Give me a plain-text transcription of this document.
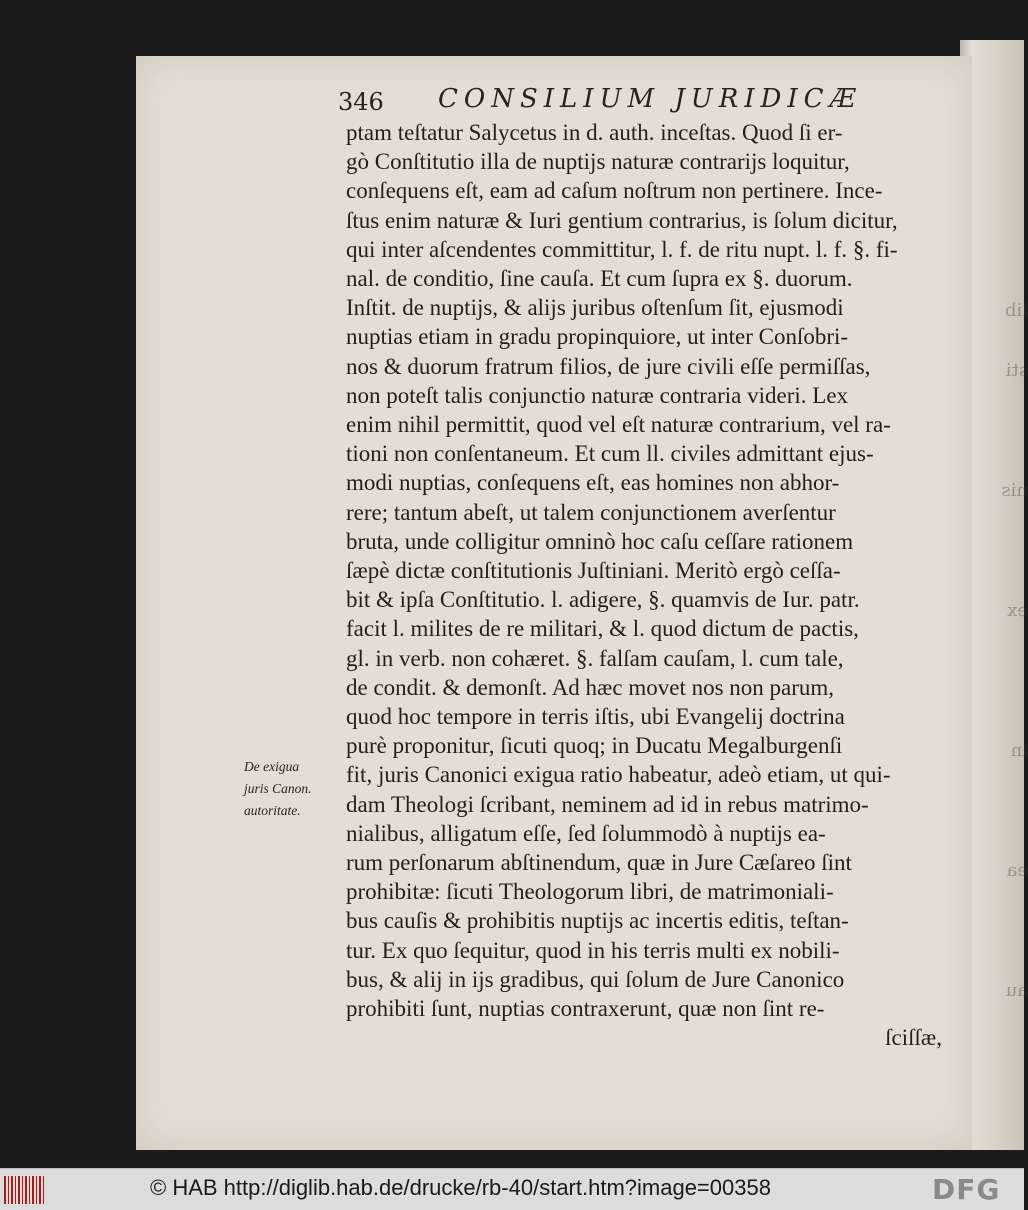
lib
sti
nis
ex
in
ea
au
346 CONSILIUM JURIDICÆ
ptam teſtatur Salycetus in d. auth. inceſtas. Quod ſi er-
gò Conſtitutio illa de nuptijs naturæ contrarijs loquitur,
conſequens eſt, eam ad caſum noſtrum non pertinere. Ince-
ſtus enim naturæ & Iuri gentium contrarius, is ſolum dicitur,
qui inter aſcendentes committitur, l. f. de ritu nupt. l. f. §. fi-
nal. de conditio, ſine cauſa. Et cum ſupra ex §. duorum.
Inſtit. de nuptijs, & alijs juribus oſtenſum ſit, ejusmodi
nuptias etiam in gradu propinquiore, ut inter Conſobri-
nos & duorum fratrum filios, de jure civili eſſe permiſſas,
non poteſt talis conjunctio naturæ contraria videri. Lex
enim nihil permittit, quod vel eſt naturæ contrarium, vel ra-
tioni non conſentaneum. Et cum ll. civiles admittant ejus-
modi nuptias, conſequens eſt, eas homines non abhor-
rere; tantum abeſt, ut talem conjunctionem averſentur
bruta, unde colligitur omninò hoc caſu ceſſare rationem
ſæpè dictæ conſtitutionis Juſtiniani. Meritò ergò ceſſa-
bit & ipſa Conſtitutio. l. adigere, §. quamvis de Iur. patr.
facit l. milites de re militari, & l. quod dictum de pactis,
gl. in verb. non cohæret. §. falſam cauſam, l. cum tale,
de condit. & demonſt. Ad hæc movet nos non parum,
quod hoc tempore in terris iſtis, ubi Evangelij doctrina
purè proponitur, ſicuti quoq; in Ducatu Megalburgenſi
fit, juris Canonici exigua ratio habeatur, adeò etiam, ut qui-
dam Theologi ſcribant, neminem ad id in rebus matrimo-
nialibus, alligatum eſſe, ſed ſolummodò à nuptijs ea-
rum perſonarum abſtinendum, quæ in Jure Cæſareo ſint
prohibitæ: ſicuti Theologorum libri, de matrimoniali-
bus cauſis & prohibitis nuptijs ac incertis editis, teſtan-
tur. Ex quo ſequitur, quod in his terris multi ex nobili-
bus, & alij in ijs gradibus, qui ſolum de Jure Canonico
prohibiti ſunt, nuptias contraxerunt, quæ non ſint re-
ſciſſæ,
De exigua
juris Canon.
autoritate.
© HAB http://diglib.hab.de/drucke/rb-40/start.htm?image=00358	DFG
